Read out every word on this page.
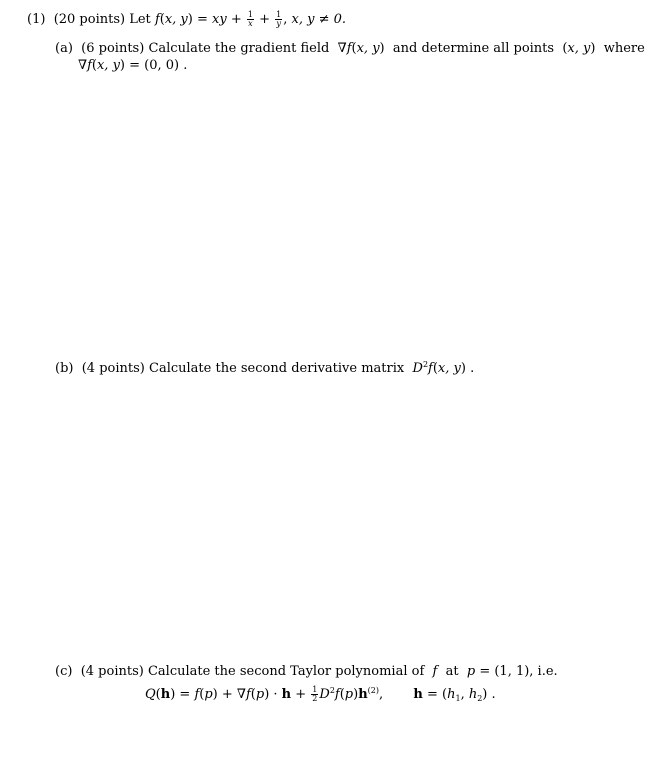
(1) (20 points) Let f(x, y) = xy + $\frac{1}{x} + \frac{1}{y}$ , x, y ≠ 0.
(a) (6 points) Calculate the gradient field ∇f(x, y) and determine all points (x, y) where
∇f(x, y) = (0, 0) .
(b) (4 points) Calculate the second derivative matrix $D^2f(x$, y) .
(c) (4 points) Calculate the second Taylor polynomial of f at p = (1, 1), i.e.
$Q(h) = f(p) + \nabla f(p) \cdot h + \frac{1}{2} D^2f(p)h^{(2)}$,  $h = (h_1$, $h_2$) .
